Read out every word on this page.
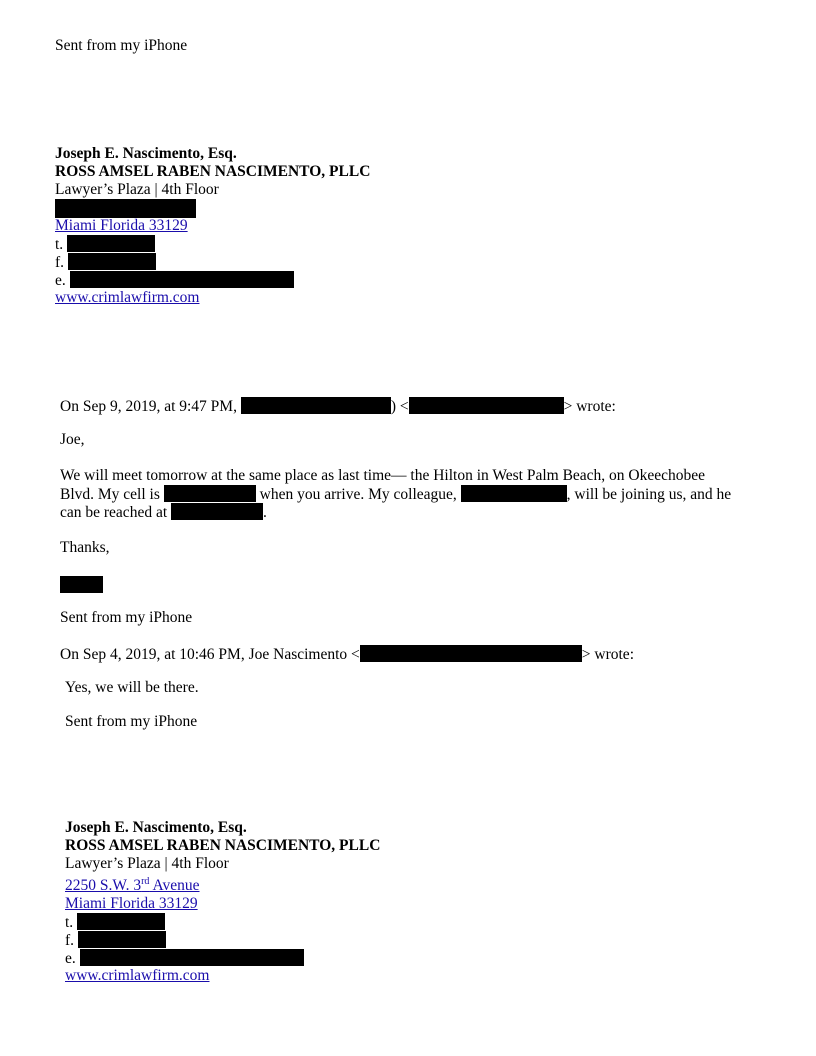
Sent from my iPhone
Joseph E. Nascimento, Esq.
ROSS AMSEL RABEN NASCIMENTO, PLLC
Lawyer’s Plaza | 4th Floor
Miami Florida 33129
t.
f.
e.
www.crimlawfirm.com
On Sep 9, 2019, at 9:47 PM,	) <	> wrote:
Joe,
We will meet tomorrow at the same place as last time— the Hilton in West Palm Beach, on Okeechobee
Blvd. My cell is	when you arrive. My colleague,	, will be joining us, and he
can be reached at	.
Thanks,
Sent from my iPhone
On Sep 4, 2019, at 10:46 PM, Joe Nascimento <	> wrote:
Yes, we will be there.
Sent from my iPhone
Joseph E. Nascimento, Esq.
ROSS AMSEL RABEN NASCIMENTO, PLLC
Lawyer’s Plaza | 4th Floor
2250 S.W. 3rd Avenue
Miami Florida 33129
t.
f.
e.
www.crimlawfirm.com
